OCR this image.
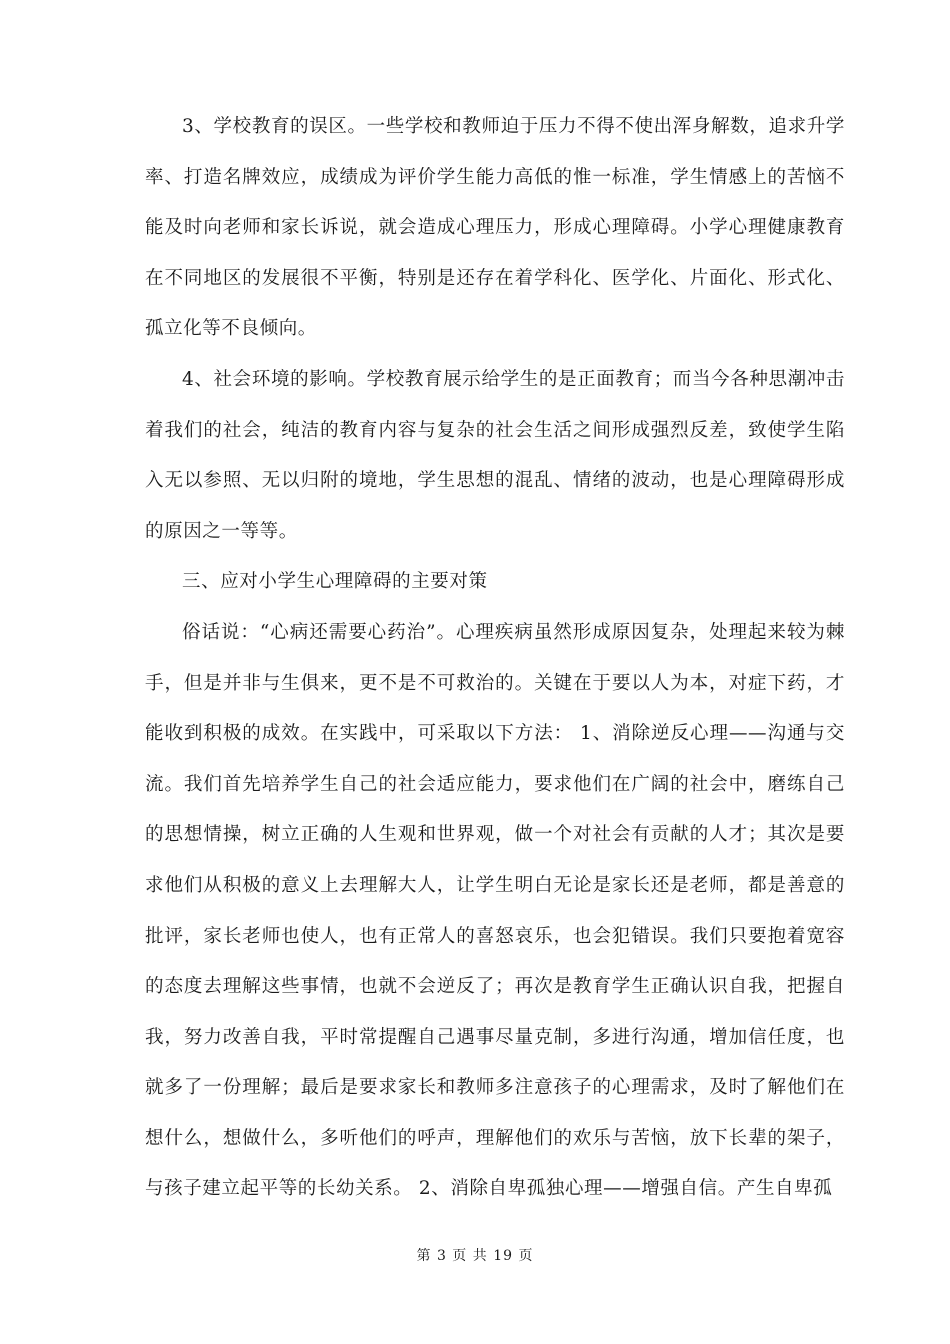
3、学校教育的误区。一些学校和教师迫于压力不得不使出浑身解数，追求升学率、打造名牌效应，成绩成为评价学生能力高低的惟一标准，学生情感上的苦恼不能及时向老师和家长诉说，就会造成心理压力，形成心理障碍。小学心理健康教育在不同地区的发展很不平衡，特别是还存在着学科化、医学化、片面化、形式化、孤立化等不良倾向。

4、社会环境的影响。学校教育展示给学生的是正面教育；而当今各种思潮冲击着我们的社会，纯洁的教育内容与复杂的社会生活之间形成强烈反差，致使学生陷入无以参照、无以归附的境地，学生思想的混乱、情绪的波动，也是心理障碍形成的原因之一等等。

三、应对小学生心理障碍的主要对策

俗话说：“心病还需要心药治”。心理疾病虽然形成原因复杂，处理起来较为棘手，但是并非与生俱来，更不是不可救治的。关键在于要以人为本，对症下药，才能收到积极的成效。在实践中，可采取以下方法： 1、消除逆反心理——沟通与交流。我们首先培养学生自己的社会适应能力，要求他们在广阔的社会中，磨练自己的思想情操，树立正确的人生观和世界观，做一个对社会有贡献的人才；其次是要求他们从积极的意义上去理解大人，让学生明白无论是家长还是老师，都是善意的批评，家长老师也使人，也有正常人的喜怒哀乐，也会犯错误。我们只要抱着宽容的态度去理解这些事情，也就不会逆反了；再次是教育学生正确认识自我，把握自我，努力改善自我，平时常提醒自己遇事尽量克制，多进行沟通，增加信任度，也就多了一份理解；最后是要求家长和教师多注意孩子的心理需求，及时了解他们在想什么，想做什么，多听他们的呼声，理解他们的欢乐与苦恼，放下长辈的架子，与孩子建立起平等的长幼关系。 2、消除自卑孤独心理——增强自信。产生自卑孤

第 3 页 共 19 页
